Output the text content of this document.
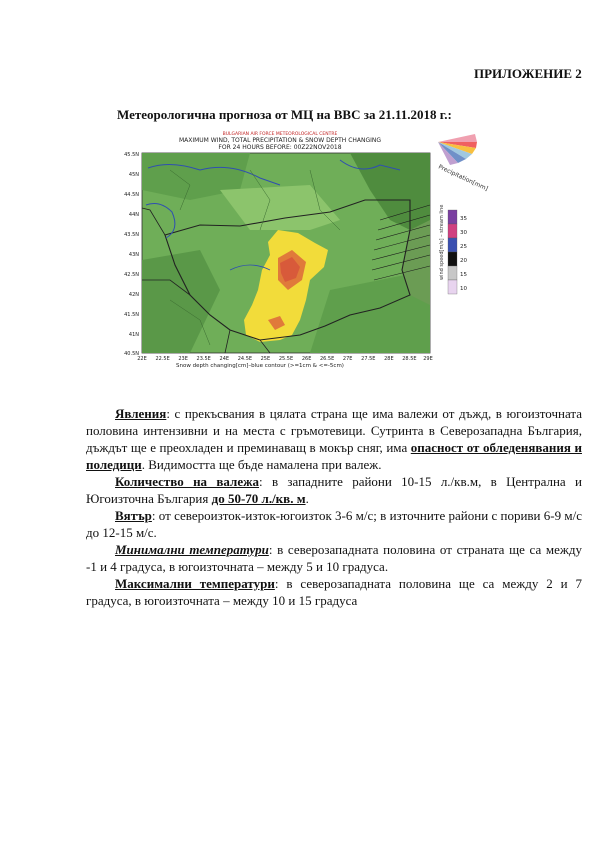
ПРИЛОЖЕНИЕ 2
Метеорологична прогноза от МЦ на ВВС за 21.11.2018 г.:
BULGARIAN AIR FORCE METEOROLOGICAL CENTRE
MAXIMUM WIND, TOTAL PRECIPITATION & SNOW DEPTH CHANGING
FOR 24 HOURS BEFORE: 00Z22NOV2018
Precipitation[mm]
45.5N
45N
44.5N
44N
43.5N
43N
42.5N
42N
41.5N
41N
40.5N
22E 22.5E 23E 23.5E 24E 24.5E 25E 25.5E 26E 26.5E 27E 27.5E 28E 28.5E 29E
Snow depth changing[cm]–blue contour (>=1cm & <=-5cm)
wind speed[m/s] – stream line	35
30
25
20
15
10

Явления: с прекъсвания в цялата страна ще има валежи от дъжд, в югоизточната половина интензивни и на места с гръмотевици. Сутринта в Северозападна България, дъждът ще е преохладен и преминаващ в мокър сняг, има опасност от обледенявания и поледици. Видимостта ще бъде намалена при валеж.

Количество на валежа: в западните райони 10-15 л./кв.м, в Централна и Югоизточна България до 50-70 л./кв. м.

Вятър: от североизток-изток-югоизток 3-6 м/с; в източните райони с пориви 6-9 м/с до 12-15 м/с.

Минимални температури: в северозападната половина от страната ще са между -1 и 4 градуса, в югоизточната – между 5 и 10 градуса.

Максимални температури: в северозападната половина ще са между 2 и 7 градуса, в югоизточната – между 10 и 15 градуса
